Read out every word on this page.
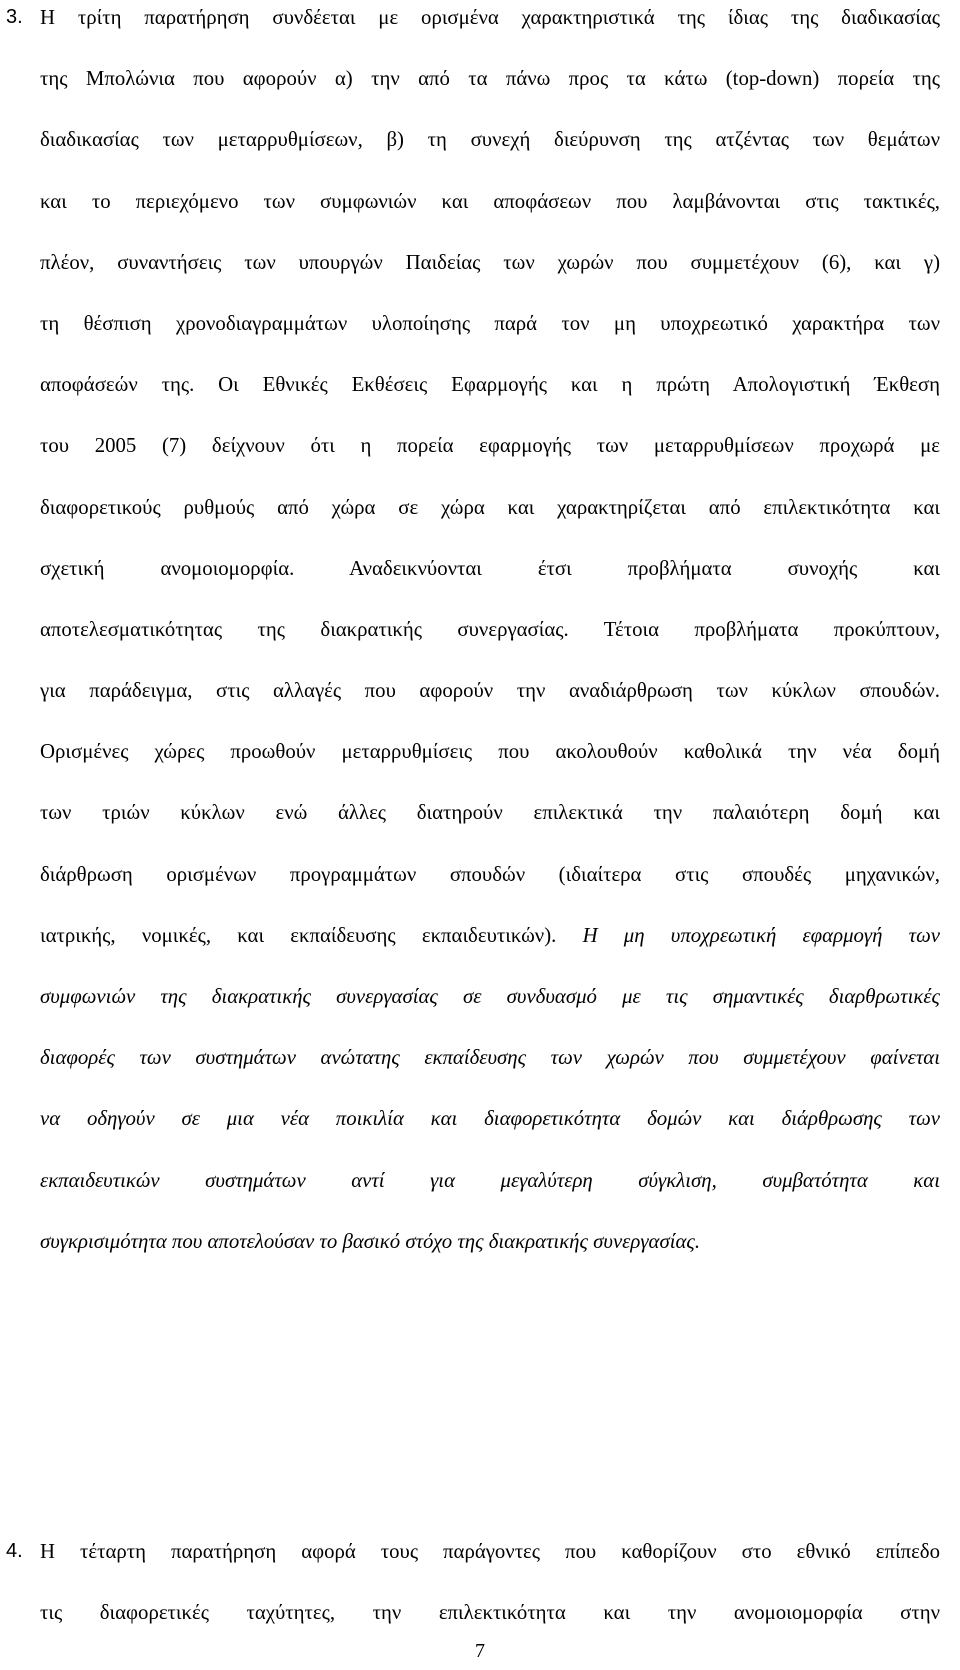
3. Η τρίτη παρατήρηση συνδέεται με ορισμένα χαρακτηριστικά της ίδιας της διαδικασίας
της Μπολώνια που αφορούν α) την από τα πάνω προς τα κάτω (top-down) πορεία της
διαδικασίας των μεταρρυθμίσεων, β) τη συνεχή διεύρυνση της ατζέντας των θεμάτων
και το περιεχόμενο των συμφωνιών και αποφάσεων που λαμβάνονται στις τακτικές,
πλέον, συναντήσεις των υπουργών Παιδείας των χωρών που συμμετέχουν (6), και γ)
τη θέσπιση χρονοδιαγραμμάτων υλοποίησης παρά τον μη υποχρεωτικό χαρακτήρα των
αποφάσεών της. Οι Εθνικές Εκθέσεις Εφαρμογής και η πρώτη Απολογιστική Έκθεση
του 2005 (7) δείχνουν ότι η πορεία εφαρμογής των μεταρρυθμίσεων προχωρά με
διαφορετικούς ρυθμούς από χώρα σε χώρα και χαρακτηρίζεται από επιλεκτικότητα και
σχετική ανομοιομορφία. Αναδεικνύονται έτσι προβλήματα συνοχής και
αποτελεσματικότητας της διακρατικής συνεργασίας. Τέτοια προβλήματα προκύπτουν,
για παράδειγμα, στις αλλαγές που αφορούν την αναδιάρθρωση των κύκλων σπουδών.
Ορισμένες χώρες προωθούν μεταρρυθμίσεις που ακολουθούν καθολικά την νέα δομή
των τριών κύκλων ενώ άλλες διατηρούν επιλεκτικά την παλαιότερη δομή και
διάρθρωση ορισμένων προγραμμάτων σπουδών (ιδιαίτερα στις σπουδές μηχανικών,
ιατρικής, νομικές, και εκπαίδευσης εκπαιδευτικών). Η μη υποχρεωτική εφαρμογή των
συμφωνιών της διακρατικής συνεργασίας σε συνδυασμό με τις σημαντικές διαρθρωτικές
διαφορές των συστημάτων ανώτατης εκπαίδευσης των χωρών που συμμετέχουν φαίνεται
να οδηγούν σε μια νέα ποικιλία και διαφορετικότητα δομών και διάρθρωσης των
εκπαιδευτικών συστημάτων αντί για μεγαλύτερη σύγκλιση, συμβατότητα και
συγκρισιμότητα που αποτελούσαν το βασικό στόχο της διακρατικής συνεργασίας.
4. Η τέταρτη παρατήρηση αφορά τους παράγοντες που καθορίζουν στο εθνικό επίπεδο
τις διαφορετικές ταχύτητες, την επιλεκτικότητα και την ανομοιομορφία στην
7
